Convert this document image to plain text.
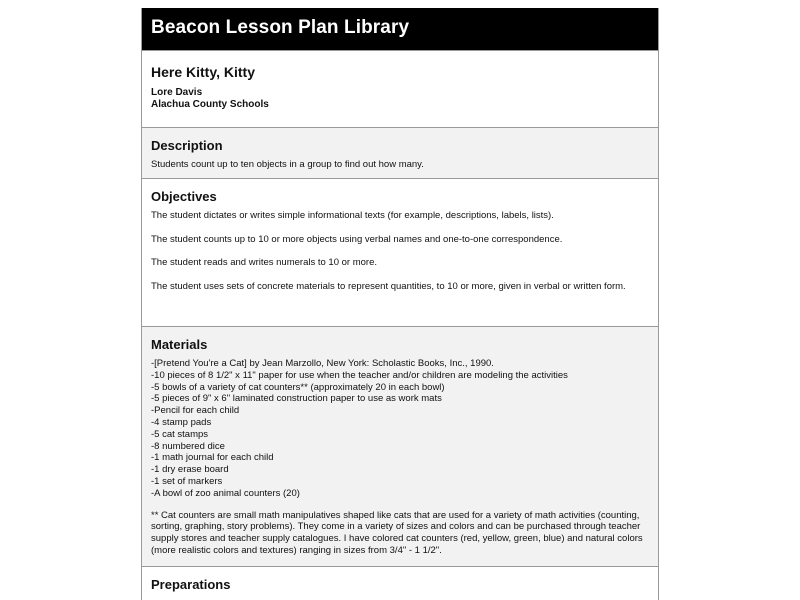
Beacon Lesson Plan Library
Here Kitty, Kitty
Lore Davis
Alachua County Schools
Description

Students count up to ten objects in a group to find out how many.

Objectives

The student dictates or writes simple informational texts (for example, descriptions, labels, lists).

The student counts up to 10 or more objects using verbal names and one-to-one correspondence.

The student reads and writes numerals to 10 or more.

The student uses sets of concrete materials to represent quantities, to 10 or more, given in verbal or written form.

Materials
-[Pretend You're a Cat] by Jean Marzollo, New York: Scholastic Books, Inc., 1990.
-10 pieces of 8 1/2" x 11" paper for use when the teacher and/or children are modeling the activities
-5 bowls of a variety of cat counters** (approximately 20 in each bowl)
-5 pieces of 9" x 6" laminated construction paper to use as work mats
-Pencil for each child
-4 stamp pads
-5 cat stamps
-8 numbered dice
-1 math journal for each child
-1 dry erase board
-1 set of markers
-A bowl of zoo animal counters (20)

** Cat counters are small math manipulatives shaped like cats that are used for a variety of math activities (counting, sorting, graphing, story problems). They come in a variety of sizes and colors and can be purchased through teacher supply stores and teacher supply catalogues. I have colored cat counters (red, yellow, green, blue) and natural colors (more realistic colors and textures) ranging in sizes from 3/4" - 1 1/2".

Preparations
